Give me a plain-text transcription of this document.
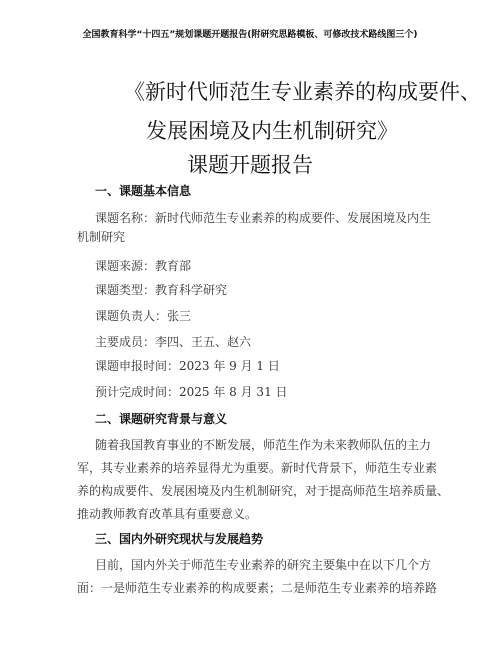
全国教育科学“十四五”规划课题开题报告(附研究思路模板、可修改技术路线图三个)
《新时代师范生专业素养的构成要件、
发展困境及内生机制研究》
课题开题报告
一、课题基本信息
课题名称：新时代师范生专业素养的构成要件、发展困境及内生
机制研究
课题来源：教育部
课题类型：教育科学研究
课题负责人：张三
主要成员：李四、王五、赵六
课题申报时间：2023 年 9 月 1 日
预计完成时间：2025 年 8 月 31 日
二、课题研究背景与意义
随着我国教育事业的不断发展，师范生作为未来教师队伍的主力
军，其专业素养的培养显得尤为重要。新时代背景下，师范生专业素
养的构成要件、发展困境及内生机制研究，对于提高师范生培养质量、
推动教师教育改革具有重要意义。
三、国内外研究现状与发展趋势
目前，国内外关于师范生专业素养的研究主要集中在以下几个方
面：一是师范生专业素养的构成要素；二是师范生专业素养的培养路
